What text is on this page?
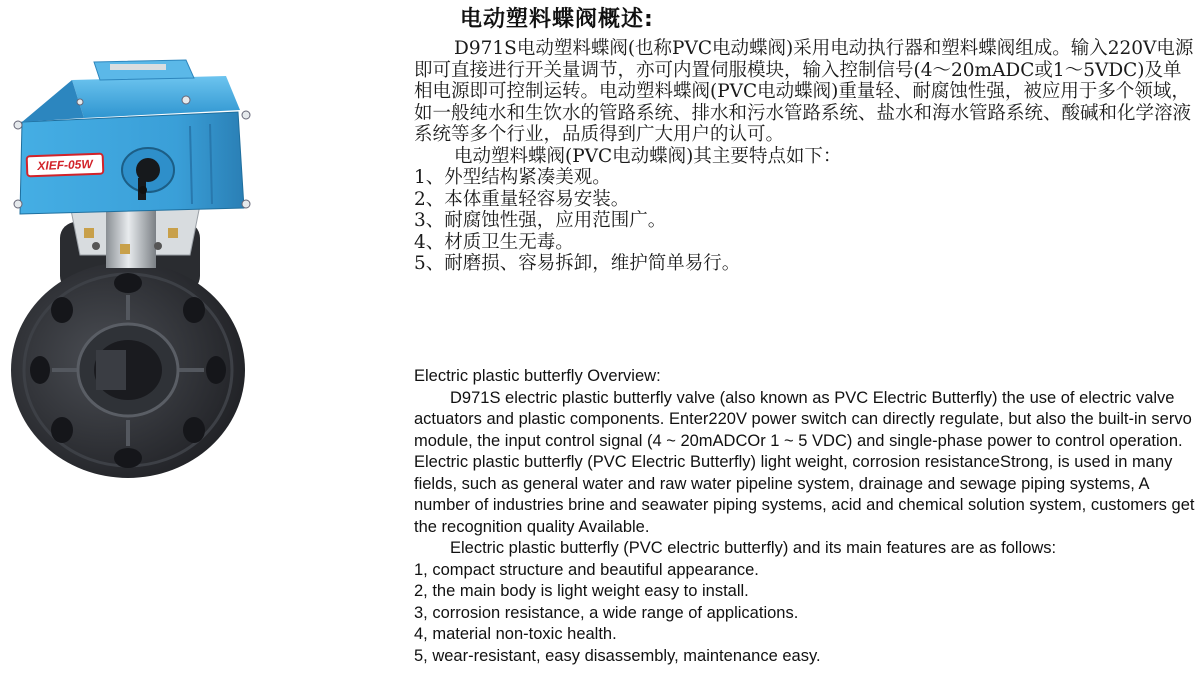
XIEF-05W
电动塑料蝶阀概述:

D971S电动塑料蝶阀(也称PVC电动蝶阀)采用电动执行器和塑料蝶阀组成。输入220V电源即可直接进行开关量调节，亦可内置伺服模块，输入控制信号(4～20mADC或1～5VDC)及单相电源即可控制运转。电动塑料蝶阀(PVC电动蝶阀)重量轻、耐腐蚀性强，被应用于多个领域，如一般纯水和生饮水的管路系统、排水和污水管路系统、盐水和海水管路系统、酸碱和化学溶液系统等多个行业，品质得到广大用户的认可。

电动塑料蝶阀(PVC电动蝶阀)其主要特点如下：

1、外型结构紧凑美观。
2、本体重量轻容易安装。
3、耐腐蚀性强，应用范围广。
4、材质卫生无毒。
5、耐磨损、容易拆卸，维护简单易行。

Electric plastic butterfly Overview:

D971S electric plastic butterfly valve (also known as PVC Electric Butterfly) the use of electric valve actuators and plastic components. Enter220V power switch can directly regulate, but also the built-in servo module, the input control signal (4 ~ 20mADCOr 1 ~ 5 VDC) and single-phase power to control operation. Electric plastic butterfly (PVC Electric Butterfly) light weight, corrosion resistanceStrong, is used in many fields, such as general water and raw water pipeline system, drainage and sewage piping systems, A number of industries brine and seawater piping systems, acid and chemical solution system, customers get the recognition quality Available.

Electric plastic butterfly (PVC electric butterfly) and its main features are as follows:

1, compact structure and beautiful appearance.
2, the main body is light weight easy to install.
3, corrosion resistance, a wide range of applications.
4, material non-toxic health.
5, wear-resistant, easy disassembly, maintenance easy.
